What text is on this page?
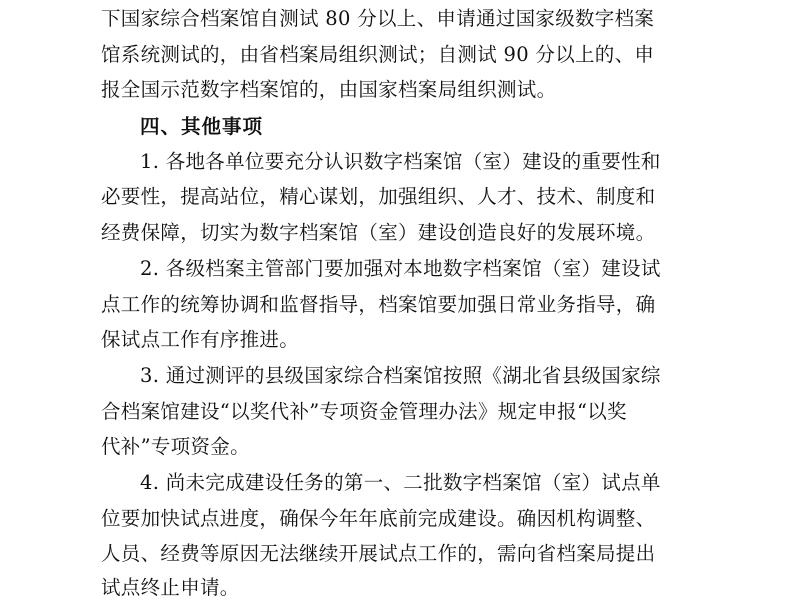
下国家综合档案馆自测试 80 分以上、申请通过国家级数字档案
馆系统测试的，由省档案局组织测试；自测试 90 分以上的、申
报全国示范数字档案馆的，由国家档案局组织测试。
四、其他事项
1. 各地各单位要充分认识数字档案馆（室）建设的重要性和
必要性，提高站位，精心谋划，加强组织、人才、技术、制度和
经费保障，切实为数字档案馆（室）建设创造良好的发展环境。
2. 各级档案主管部门要加强对本地数字档案馆（室）建设试
点工作的统筹协调和监督指导，档案馆要加强日常业务指导，确
保试点工作有序推进。
3. 通过测评的县级国家综合档案馆按照《湖北省县级国家综
合档案馆建设“以奖代补”专项资金管理办法》规定申报“以奖
代补”专项资金。
4. 尚未完成建设任务的第一、二批数字档案馆（室）试点单
位要加快试点进度，确保今年年底前完成建设。确因机构调整、
人员、经费等原因无法继续开展试点工作的，需向省档案局提出
试点终止申请。
